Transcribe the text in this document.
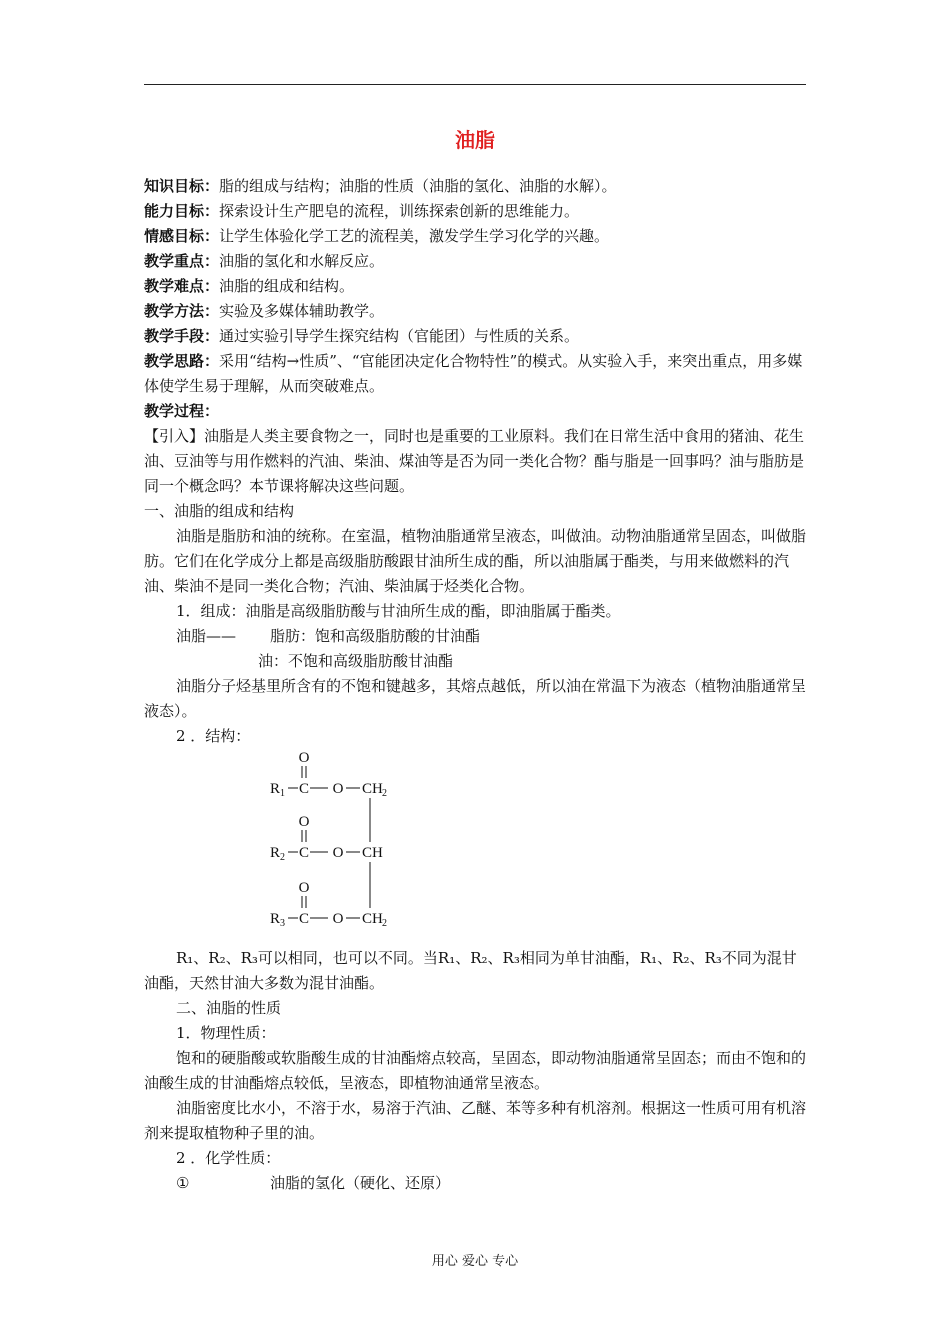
油脂
知识目标：脂的组成与结构；油脂的性质（油脂的氢化、油脂的水解）。
能力目标：探索设计生产肥皂的流程，训练探索创新的思维能力。
情感目标：让学生体验化学工艺的流程美，激发学生学习化学的兴趣。
教学重点：油脂的氢化和水解反应。
教学难点：油脂的组成和结构。
教学方法：实验及多媒体辅助教学。
教学手段：通过实验引导学生探究结构（官能团）与性质的关系。
教学思路：采用“结构→性质”、“官能团决定化合物特性”的模式。从实验入手，来突出重点，用多媒体使学生易于理解，从而突破难点。
教学过程：
【引入】油脂是人类主要食物之一，同时也是重要的工业原料。我们在日常生活中食用的猪油、花生油、豆油等与用作燃料的汽油、柴油、煤油等是否为同一类化合物？酯与脂是一回事吗？油与脂肪是同一个概念吗？本节课将解决这些问题。
一、油脂的组成和结构
油脂是脂肪和油的统称。在室温，植物油脂通常呈液态，叫做油。动物油脂通常呈固态，叫做脂肪。它们在化学成分上都是高级脂肪酸跟甘油所生成的酯，所以油脂属于酯类，与用来做燃料的汽油、柴油不是同一类化合物；汽油、柴油属于烃类化合物。
1．组成：油脂是高级脂肪酸与甘油所生成的酯，即油脂属于酯类。
油脂——	脂肪：饱和高级脂肪酸的甘油酯
油：不饱和高级脂肪酸甘油酯
油脂分子烃基里所含有的不饱和键越多，其熔点越低，所以油在常温下为液态（植物油脂通常呈液态）。
2 ．结构：
O
R 1 C O CH 2
O
R 2 C O CH
O
R 3 C O CH 2
R₁、R₂、R₃可以相同，也可以不同。当R₁、R₂、R₃相同为单甘油酯，R₁、R₂、R₃不同为混甘油酯，天然甘油大多数为混甘油酯。
二、油脂的性质
1．物理性质：
饱和的硬脂酸或软脂酸生成的甘油酯熔点较高，呈固态，即动物油脂通常呈固态；而由不饱和的油酸生成的甘油酯熔点较低，呈液态，即植物油通常呈液态。
油脂密度比水小，不溶于水，易溶于汽油、乙醚、苯等多种有机溶剂。根据这一性质可用有机溶剂来提取植物种子里的油。
2 ．化学性质：
①	油脂的氢化（硬化、还原）
用心 爱心 专心
